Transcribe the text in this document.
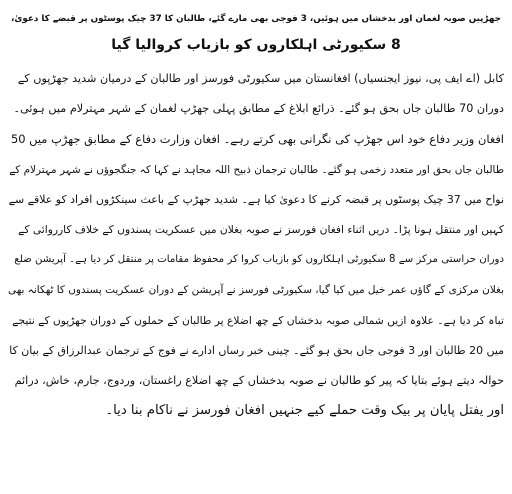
جھڑپیں صوبہ لغمان اور بدخشاں میں ہوئیں، 3 فوجی بھی مارے گئے، طالبان کا 37 چیک پوسٹوں پر قبضے کا دعویٰ،
8 سکیورٹی اہلکاروں کو بازیاب کروالیا گیا
کابل (اے ایف پی، نیوز ایجنسیاں) افغانستان میں سکیورٹی فورسز اور طالبان کے درمیان شدید جھڑپوں کے
دوران 70 طالبان جاں بحق ہو گئے۔ ذرائع ابلاغ کے مطابق پہلی جھڑپ لغمان کے شہر مہترلام میں ہوئی۔
افغان وزیر دفاع خود اس جھڑپ کی نگرانی بھی کرتے رہے۔ افغان وزارت دفاع کے مطابق جھڑپ میں 50
طالبان جاں بحق اور متعدد زخمی ہو گئے۔ طالبان ترجمان ذبیح اللہ مجاہد نے کہا کہ جنگجوؤں نے شہر مہترلام کے
نواح میں 37 چیک پوسٹوں پر قبضہ کرنے کا دعویٰ کیا ہے۔ شدید جھڑپ کے باعث سینکڑوں افراد کو علاقے سے
کہیں اور منتقل ہونا پڑا۔ دریں اثناء افغان فورسز نے صوبہ بغلان میں عسکریت پسندوں کے خلاف کارروائی کے
دوران حراستی مرکز سے 8 سکیورٹی اہلکاروں کو بازیاب کروا کر محفوظ مقامات پر منتقل کر دیا ہے۔ آپریشن ضلع
بغلان مرکزی کے گاؤں عمر خیل میں کیا گیا، سکیورٹی فورسز نے آپریشن کے دوران عسکریت پسندوں کا ٹھکانہ بھی
تباہ کر دیا ہے۔ علاوہ ازیں شمالی صوبہ بدخشاں کے چھ اضلاع پر طالبان کے حملوں کے دوران جھڑپوں کے نتیجے
میں 20 طالبان اور 3 فوجی جاں بحق ہو گئے۔ چینی خبر رساں ادارے نے فوج کے ترجمان عبدالرزاق کے بیان کا
حوالہ دیتے ہوئے بتایا کہ پیر کو طالبان نے صوبہ بدخشاں کے چھ اضلاع راغستان، وردوج، جارم، خاش، درائم
اور یفتل پایان پر بیک وقت حملے کیے جنہیں افغان فورسز نے ناکام بنا دیا۔
